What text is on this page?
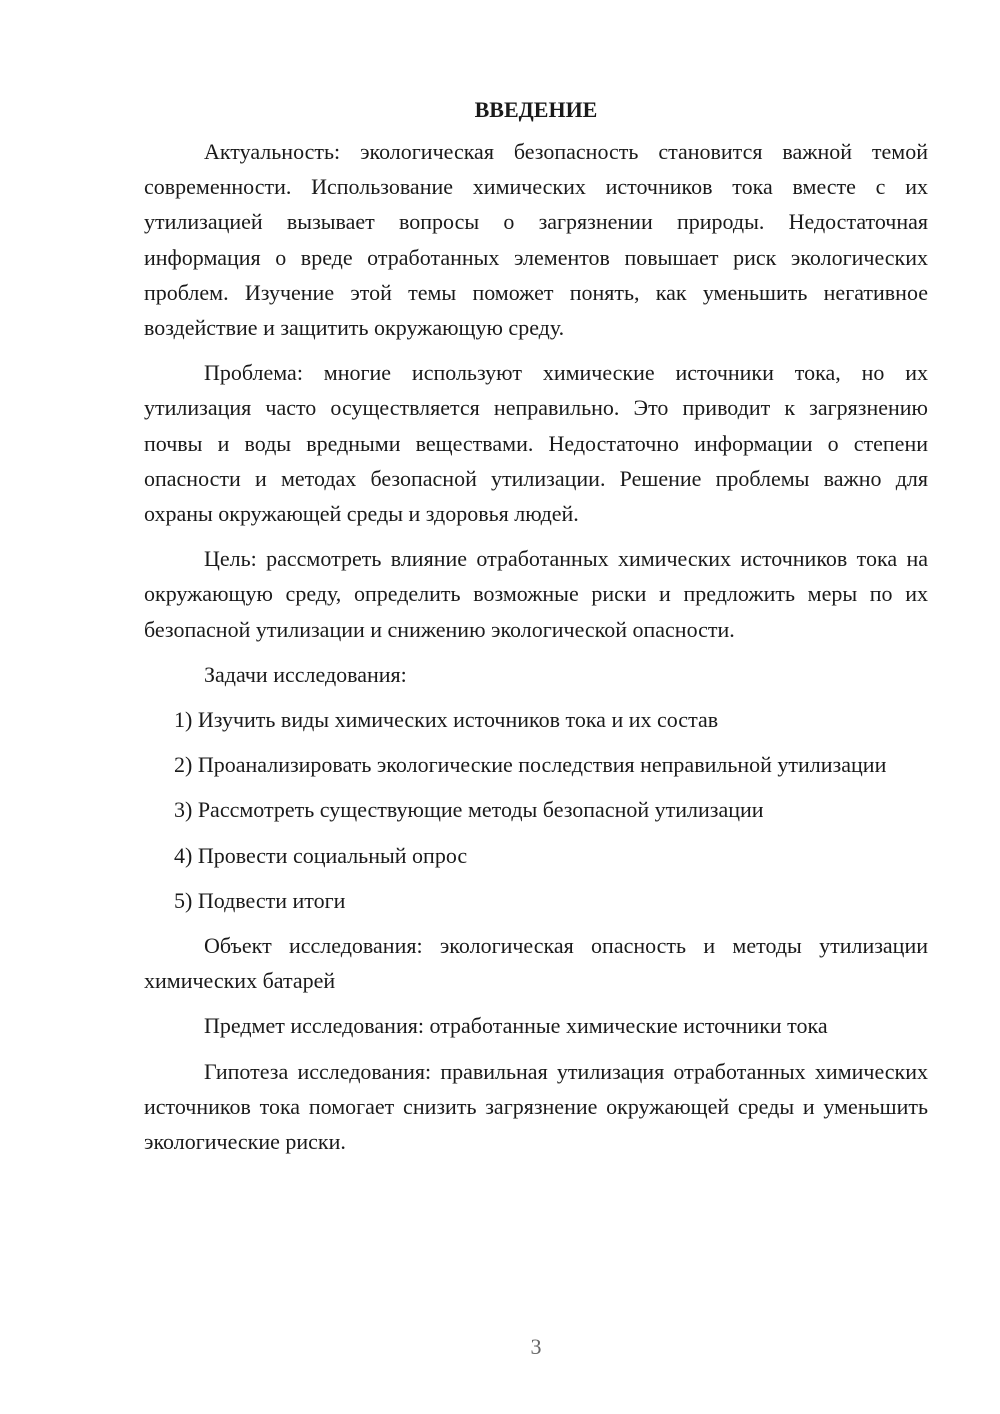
ВВЕДЕНИЕ

Актуальность: экологическая безопасность становится важной темой современности. Использование химических источников тока вместе с их утилизацией вызывает вопросы о загрязнении природы. Недостаточная информация о вреде отработанных элементов повышает риск экологических проблем. Изучение этой темы поможет понять, как уменьшить негативное воздействие и защитить окружающую среду.

Проблема: многие используют химические источники тока, но их утилизация часто осуществляется неправильно. Это приводит к загрязнению почвы и воды вредными веществами. Недостаточно информации о степени опасности и методах безопасной утилизации. Решение проблемы важно для охраны окружающей среды и здоровья людей.

Цель: рассмотреть влияние отработанных химических источников тока на окружающую среду, определить возможные риски и предложить меры по их безопасной утилизации и снижению экологической опасности.

Задачи исследования:

1) Изучить виды химических источников тока и их состав
2) Проанализировать экологические последствия неправильной утилизации
3) Рассмотреть существующие методы безопасной утилизации
4) Провести социальный опрос
5) Подвести итоги

Объект исследования: экологическая опасность и методы утилизации химических батарей

Предмет исследования: отработанные химические источники тока

Гипотеза исследования: правильная утилизация отработанных химических источников тока помогает снизить загрязнение окружающей среды и уменьшить экологические риски.

3
